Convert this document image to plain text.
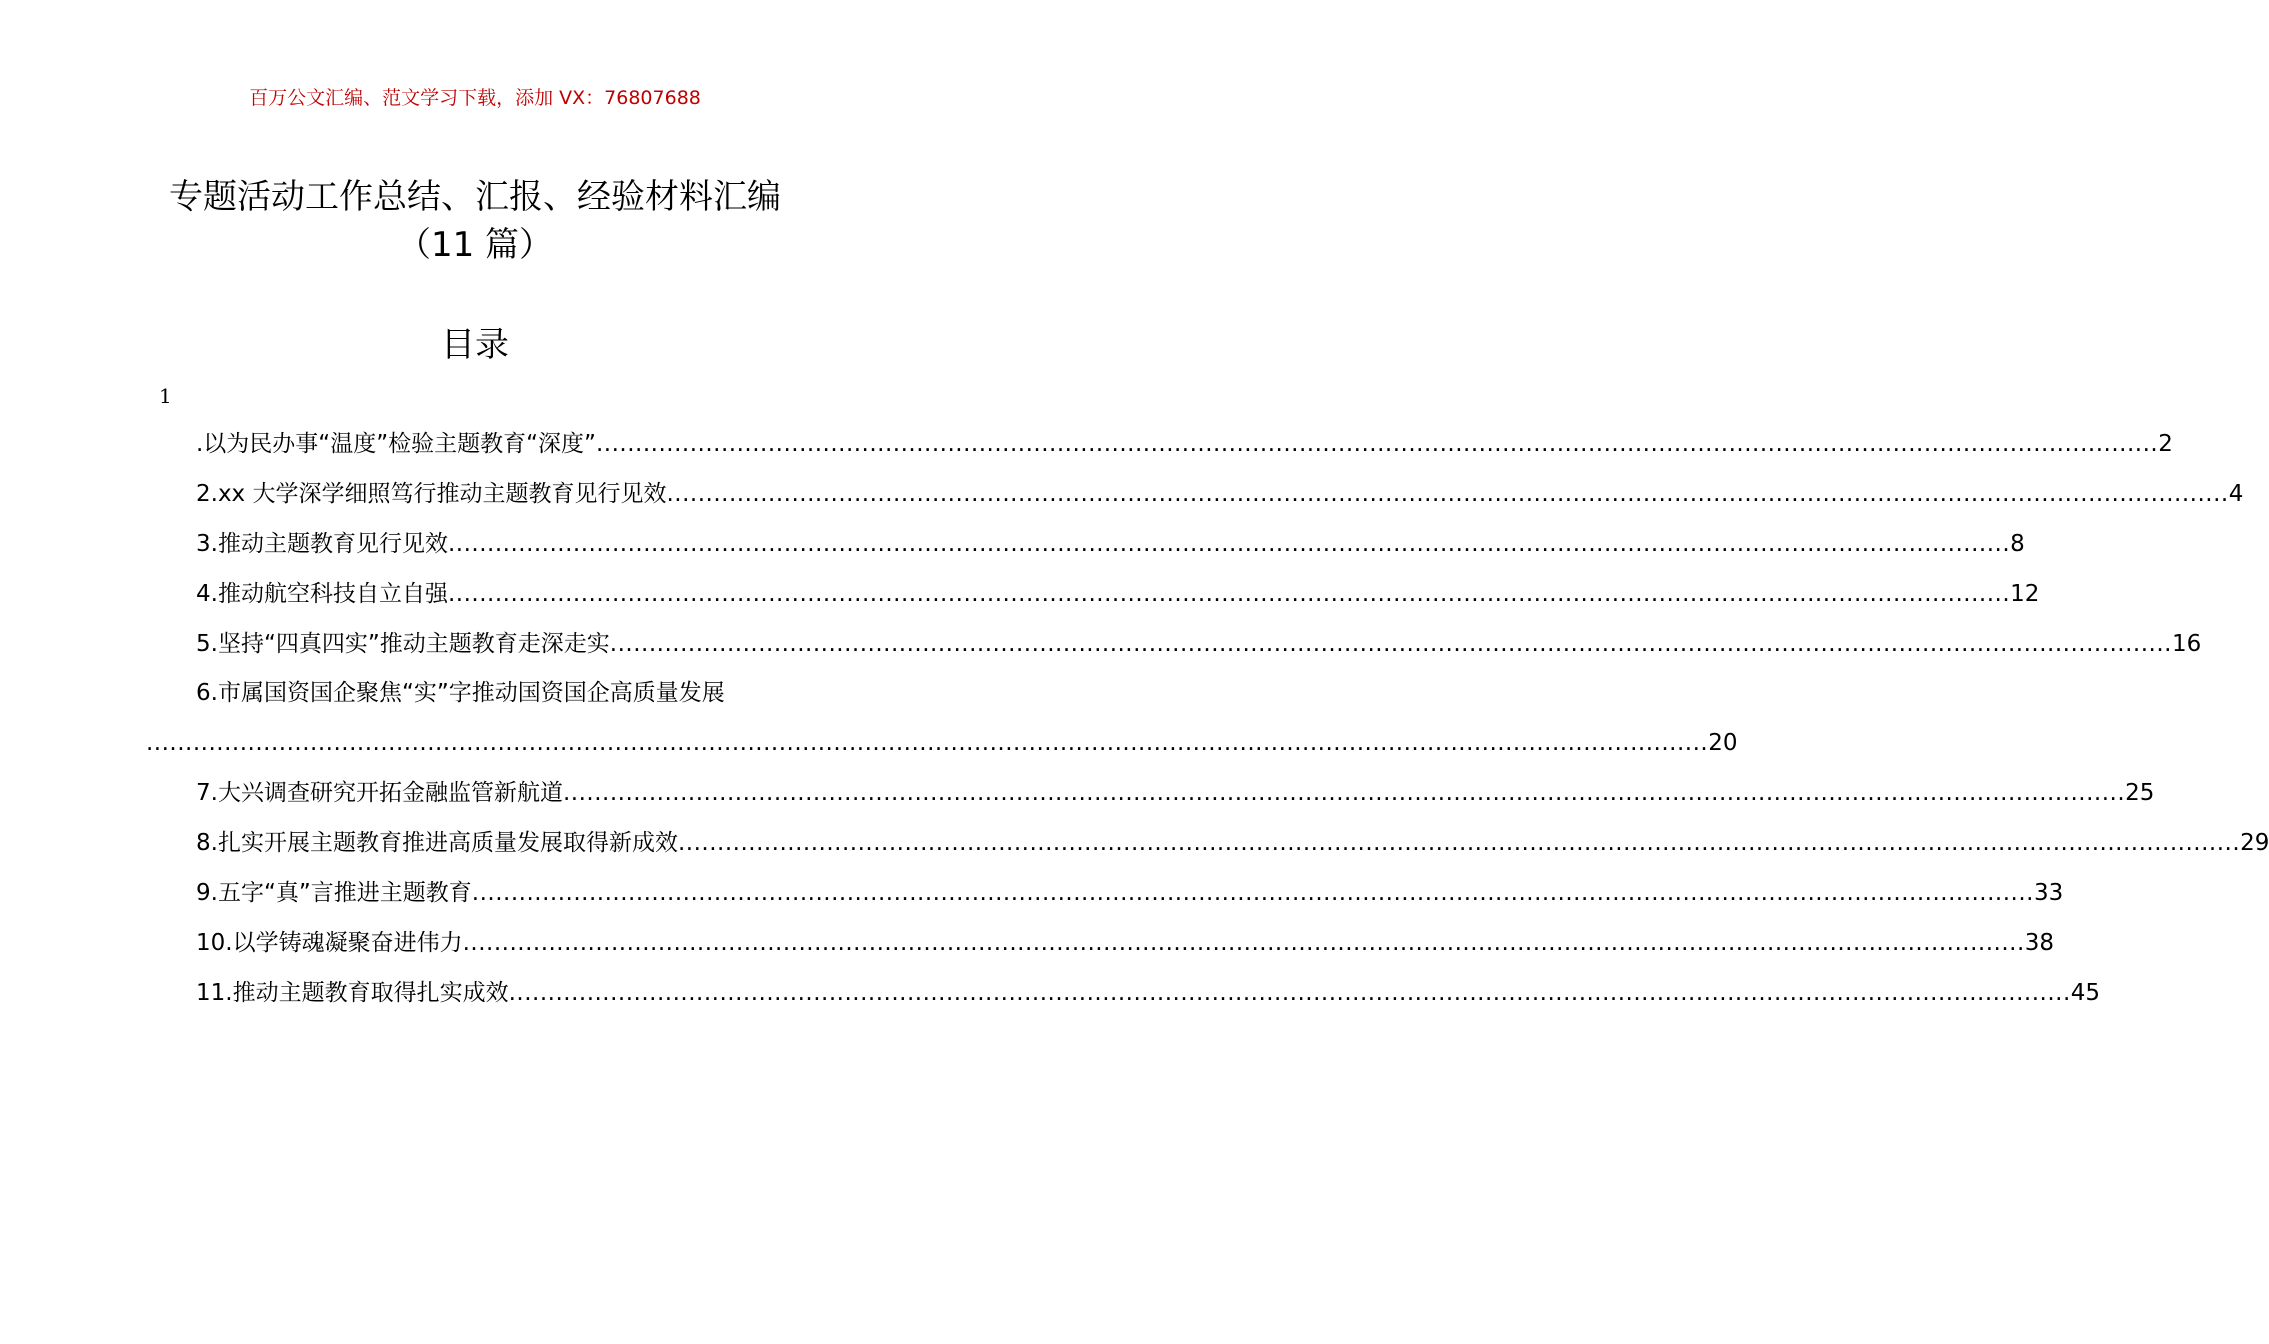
百万公文汇编、范文学习下载，添加 VX：76807688
专题活动工作总结、汇报、经验材料汇编
（11 篇）
目录
1
.以为民办事“温度”检验主题教育“深度” ........................................................................................................................................................................................................ 2
2.xx 大学深学细照笃行推动主题教育见行见效 ........................................................................................................................................................................................................ 4
3.推动主题教育见行见效 ........................................................................................................................................................................................................ 8
4.推动航空科技自立自强 ........................................................................................................................................................................................................ 12
5.坚持“四真四实”推动主题教育走深走实 ........................................................................................................................................................................................................ 16
6.市属国资国企聚焦“实”字推动国资国企高质量发展
........................................................................................................................................................................................................ 20
7.大兴调查研究开拓金融监管新航道 ........................................................................................................................................................................................................ 25
8.扎实开展主题教育推进高质量发展取得新成效 ........................................................................................................................................................................................................ 29
9.五字“真”言推进主题教育 ........................................................................................................................................................................................................ 33
10.以学铸魂凝聚奋进伟力 ........................................................................................................................................................................................................ 38
11.推动主题教育取得扎实成效 ........................................................................................................................................................................................................ 45
